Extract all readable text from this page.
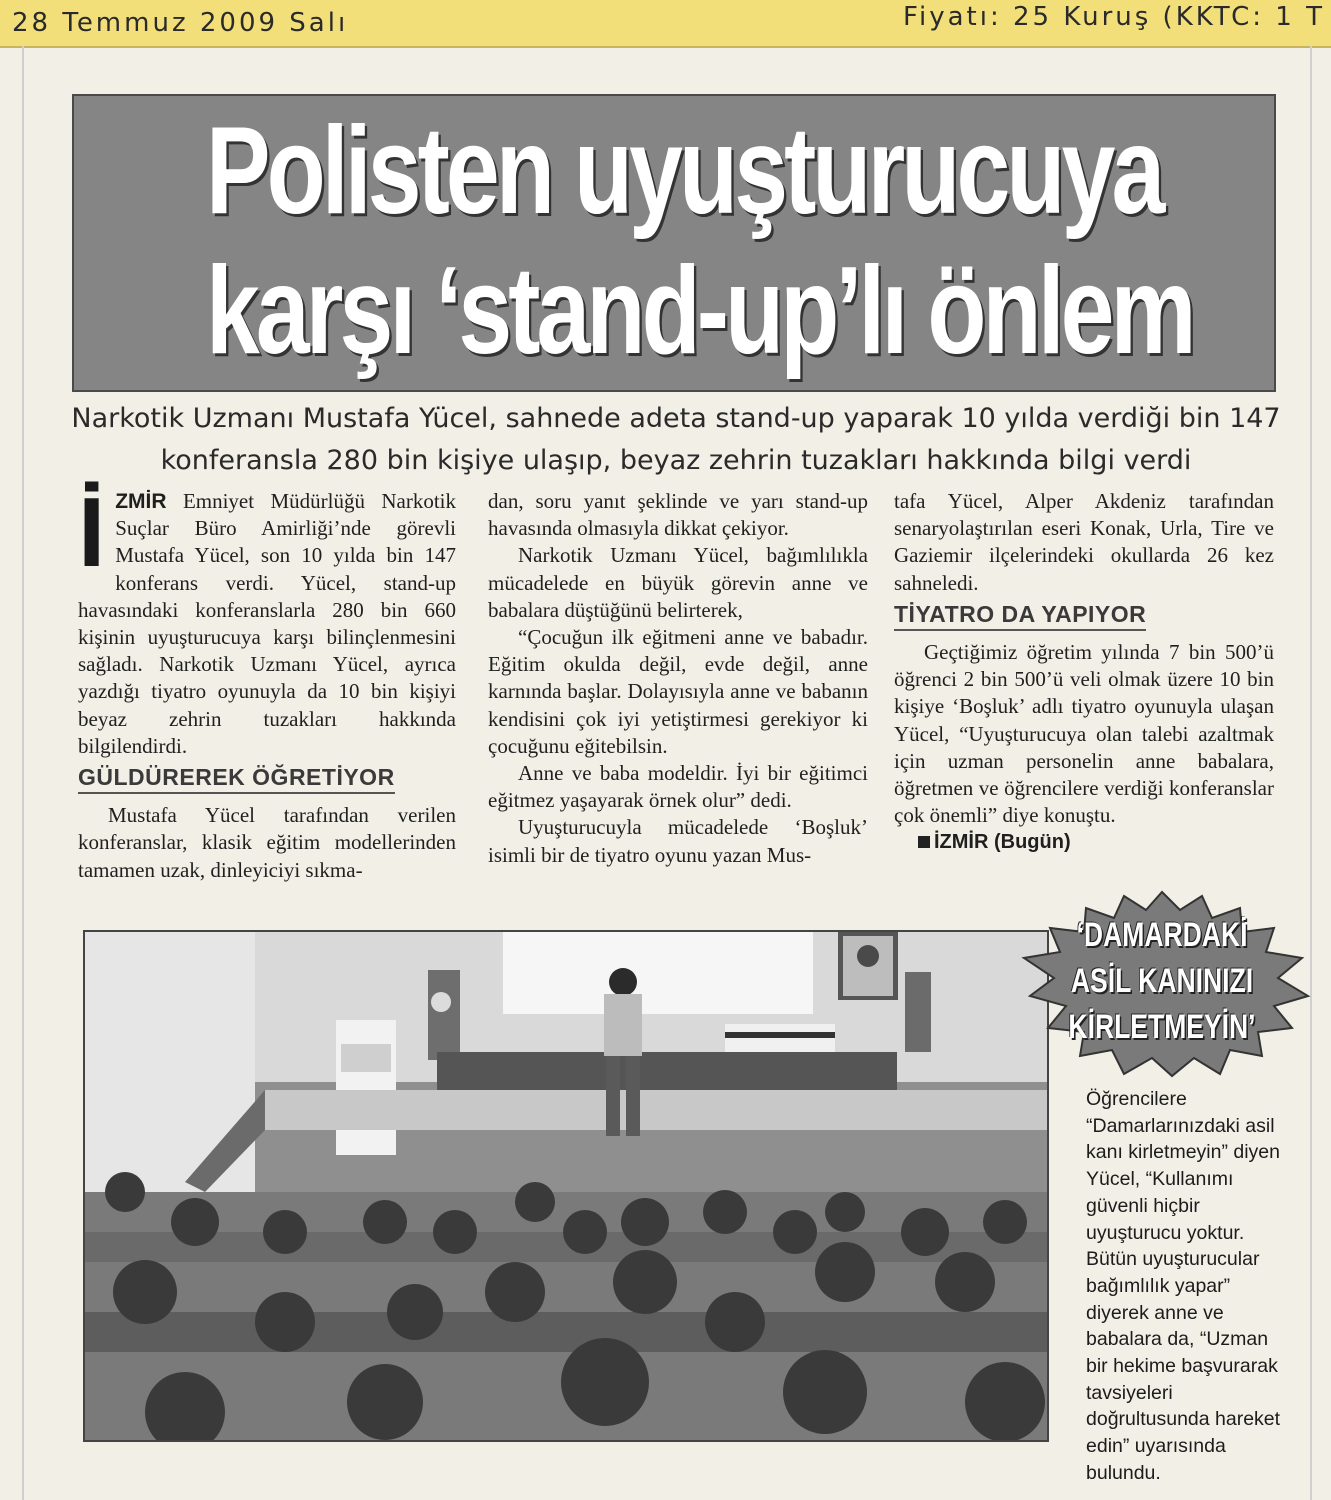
28 Temmuz 2009 Salı	Fiyatı: 25 Kuruş (KKTC: 1 T
Polisten uyuşturucuya
karşı ‘stand-up’lı önlem
Narkotik Uzmanı Mustafa Yücel, sahnede adeta stand-up yaparak 10 yılda verdiği bin 147 konferansla 280 bin kişiye ulaşıp, beyaz zehrin tuzakları hakkında bilgi verdi

İZMİR Emniyet Müdürlüğü Narkotik Suçlar Büro Amirliği’nde görevli Mustafa Yücel, son 10 yılda bin 147 konferans verdi. Yücel, stand-up havasındaki konferanslarla 280 bin 660 kişinin uyuşturucuya karşı bilinçlenmesini sağladı. Narkotik Uzmanı Yücel, ayrıca yazdığı tiyatro oyunuyla da 10 bin kişiyi beyaz zehrin tuzakları hakkında bilgilendirdi.

GÜLDÜREREK ÖĞRETİYOR

Mustafa Yücel tarafından verilen konferanslar, klasik eğitim modellerinden tamamen uzak, dinleyiciyi sıkma-

dan, soru yanıt şeklinde ve yarı stand-up havasında olmasıyla dikkat çekiyor.

Narkotik Uzmanı Yücel, bağımlılıkla mücadelede en büyük görevin anne ve babalara düştüğünü belirterek,

“Çocuğun ilk eğitmeni anne ve babadır. Eğitim okulda değil, evde değil, anne karnında başlar. Dolayısıyla anne ve babanın kendisini çok iyi yetiştirmesi gerekiyor ki çocuğunu eğitebilsin.

Anne ve baba modeldir. İyi bir eğitimci eğitmez yaşayarak örnek olur” dedi.

Uyuşturucuyla mücadelede ‘Boşluk’ isimli bir de tiyatro oyunu yazan Mus-

tafa Yücel, Alper Akdeniz tarafından senaryolaştırılan eseri Konak, Urla, Tire ve Gaziemir ilçelerindeki okullarda 26 kez sahneledi.

TİYATRO DA YAPIYOR

Geçtiğimiz öğretim yılında 7 bin 500’ü öğrenci 2 bin 500’ü veli olmak üzere 10 bin kişiye ‘Boşluk’ adlı tiyatro oyunuyla ulaşan Yücel, “Uyuşturucuya olan talebi azaltmak için uzman personelin anne babalara, öğretmen ve öğrencilere verdiği konferanslar çok önemli” diye konuştu.

İZMİR (Bugün)
‘DAMARDAKİ
ASİL KANINIZI
KİRLETMEYİN’
Öğrencilere “Damarlarınızdaki asil kanı kirletmeyin” diyen Yücel, “Kullanımı güvenli hiçbir uyuşturucu yoktur. Bütün uyuşturucular bağımlılık yapar” diyerek anne ve babalara da, “Uzman bir hekime başvurarak tavsiyeleri doğrultusunda hareket edin” uyarısında bulundu.
